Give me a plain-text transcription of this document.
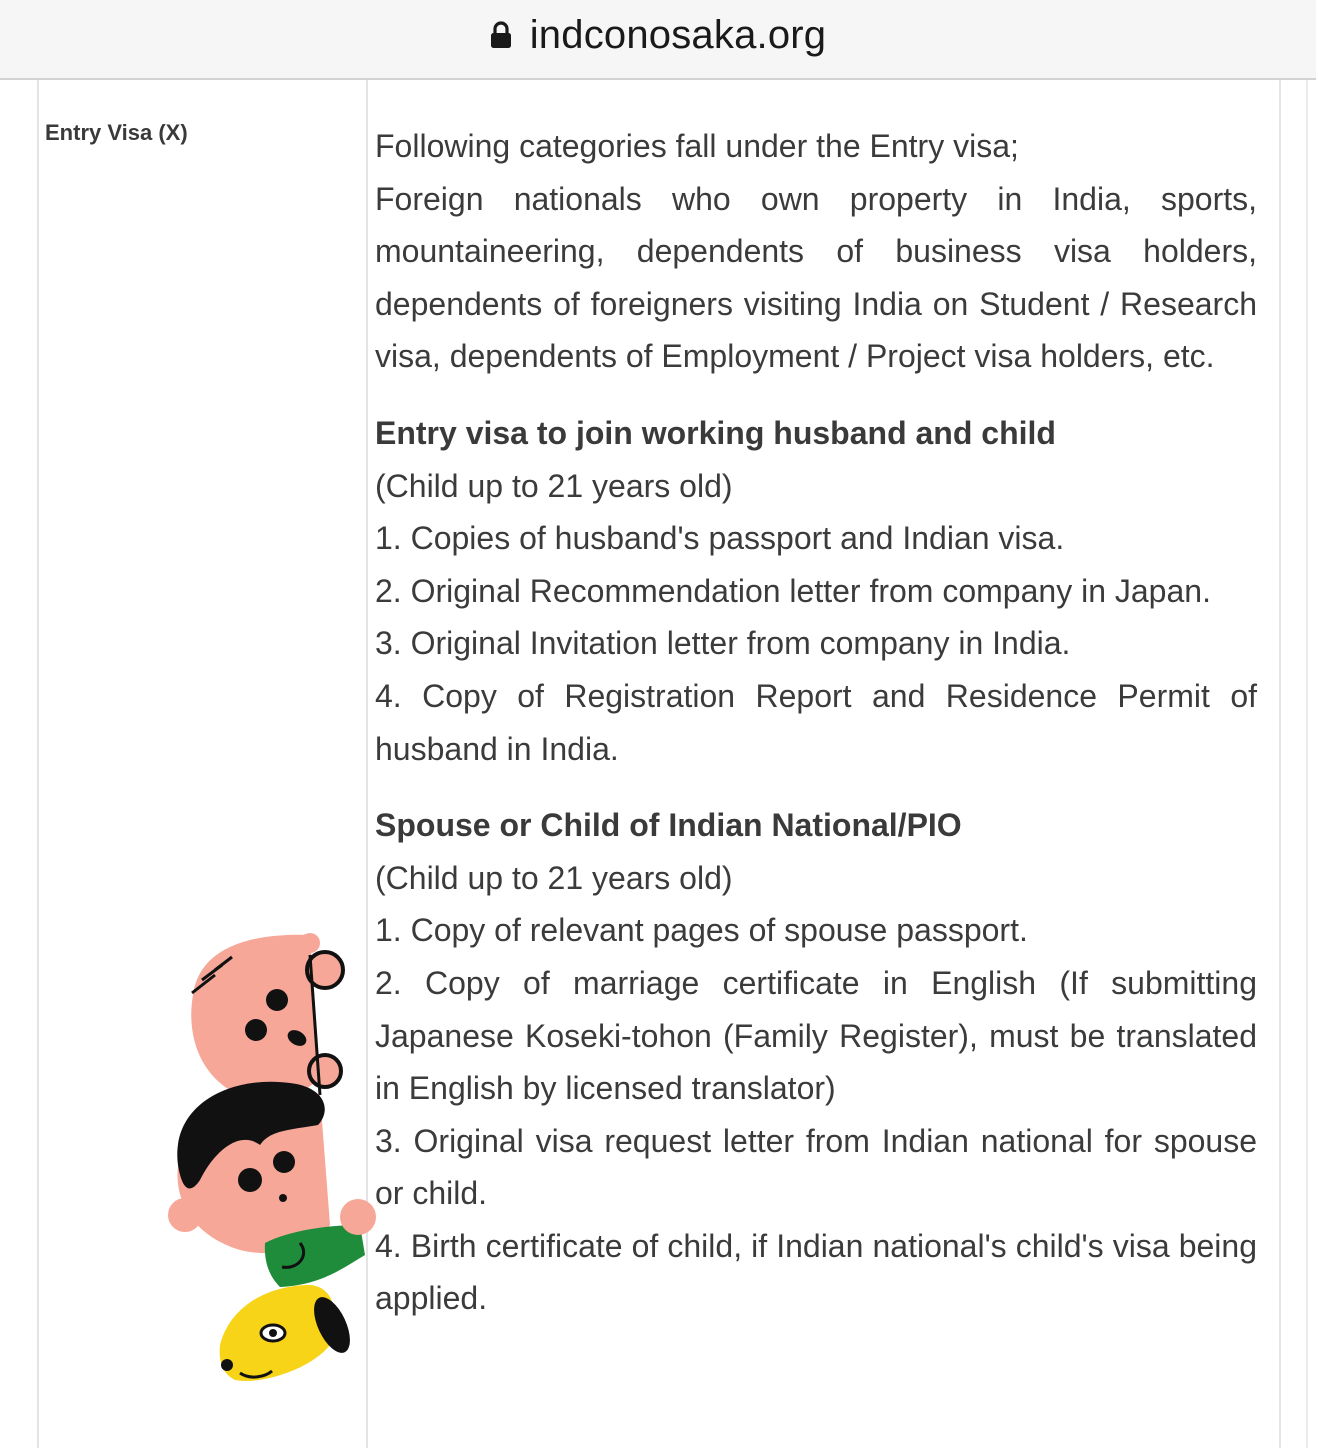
indconosaka.org
Entry Visa (X)	Following categories fall under the Entry visa;

Foreign nationals who own property in India, sports, mountaineering, dependents of business visa holders, dependents of foreigners visiting India on Student / Research visa, dependents of Employment / Project visa holders, etc.

Entry visa to join working husband and child

(Child up to 21 years old)

1. Copies of husband's passport and Indian visa.

2. Original Recommendation letter from company in Japan.

3. Original Invitation letter from company in India.

4. Copy of Registration Report and Residence Permit of husband in India.

Spouse or Child of Indian National/PIO

(Child up to 21 years old)

1. Copy of relevant pages of spouse passport.

2. Copy of marriage certificate in English (If submitting Japanese Koseki-tohon (Family Register), must be translated in English by licensed translator)

3. Original visa request letter from Indian national for spouse or child.

4. Birth certificate of child, if Indian national's child's visa being applied.
